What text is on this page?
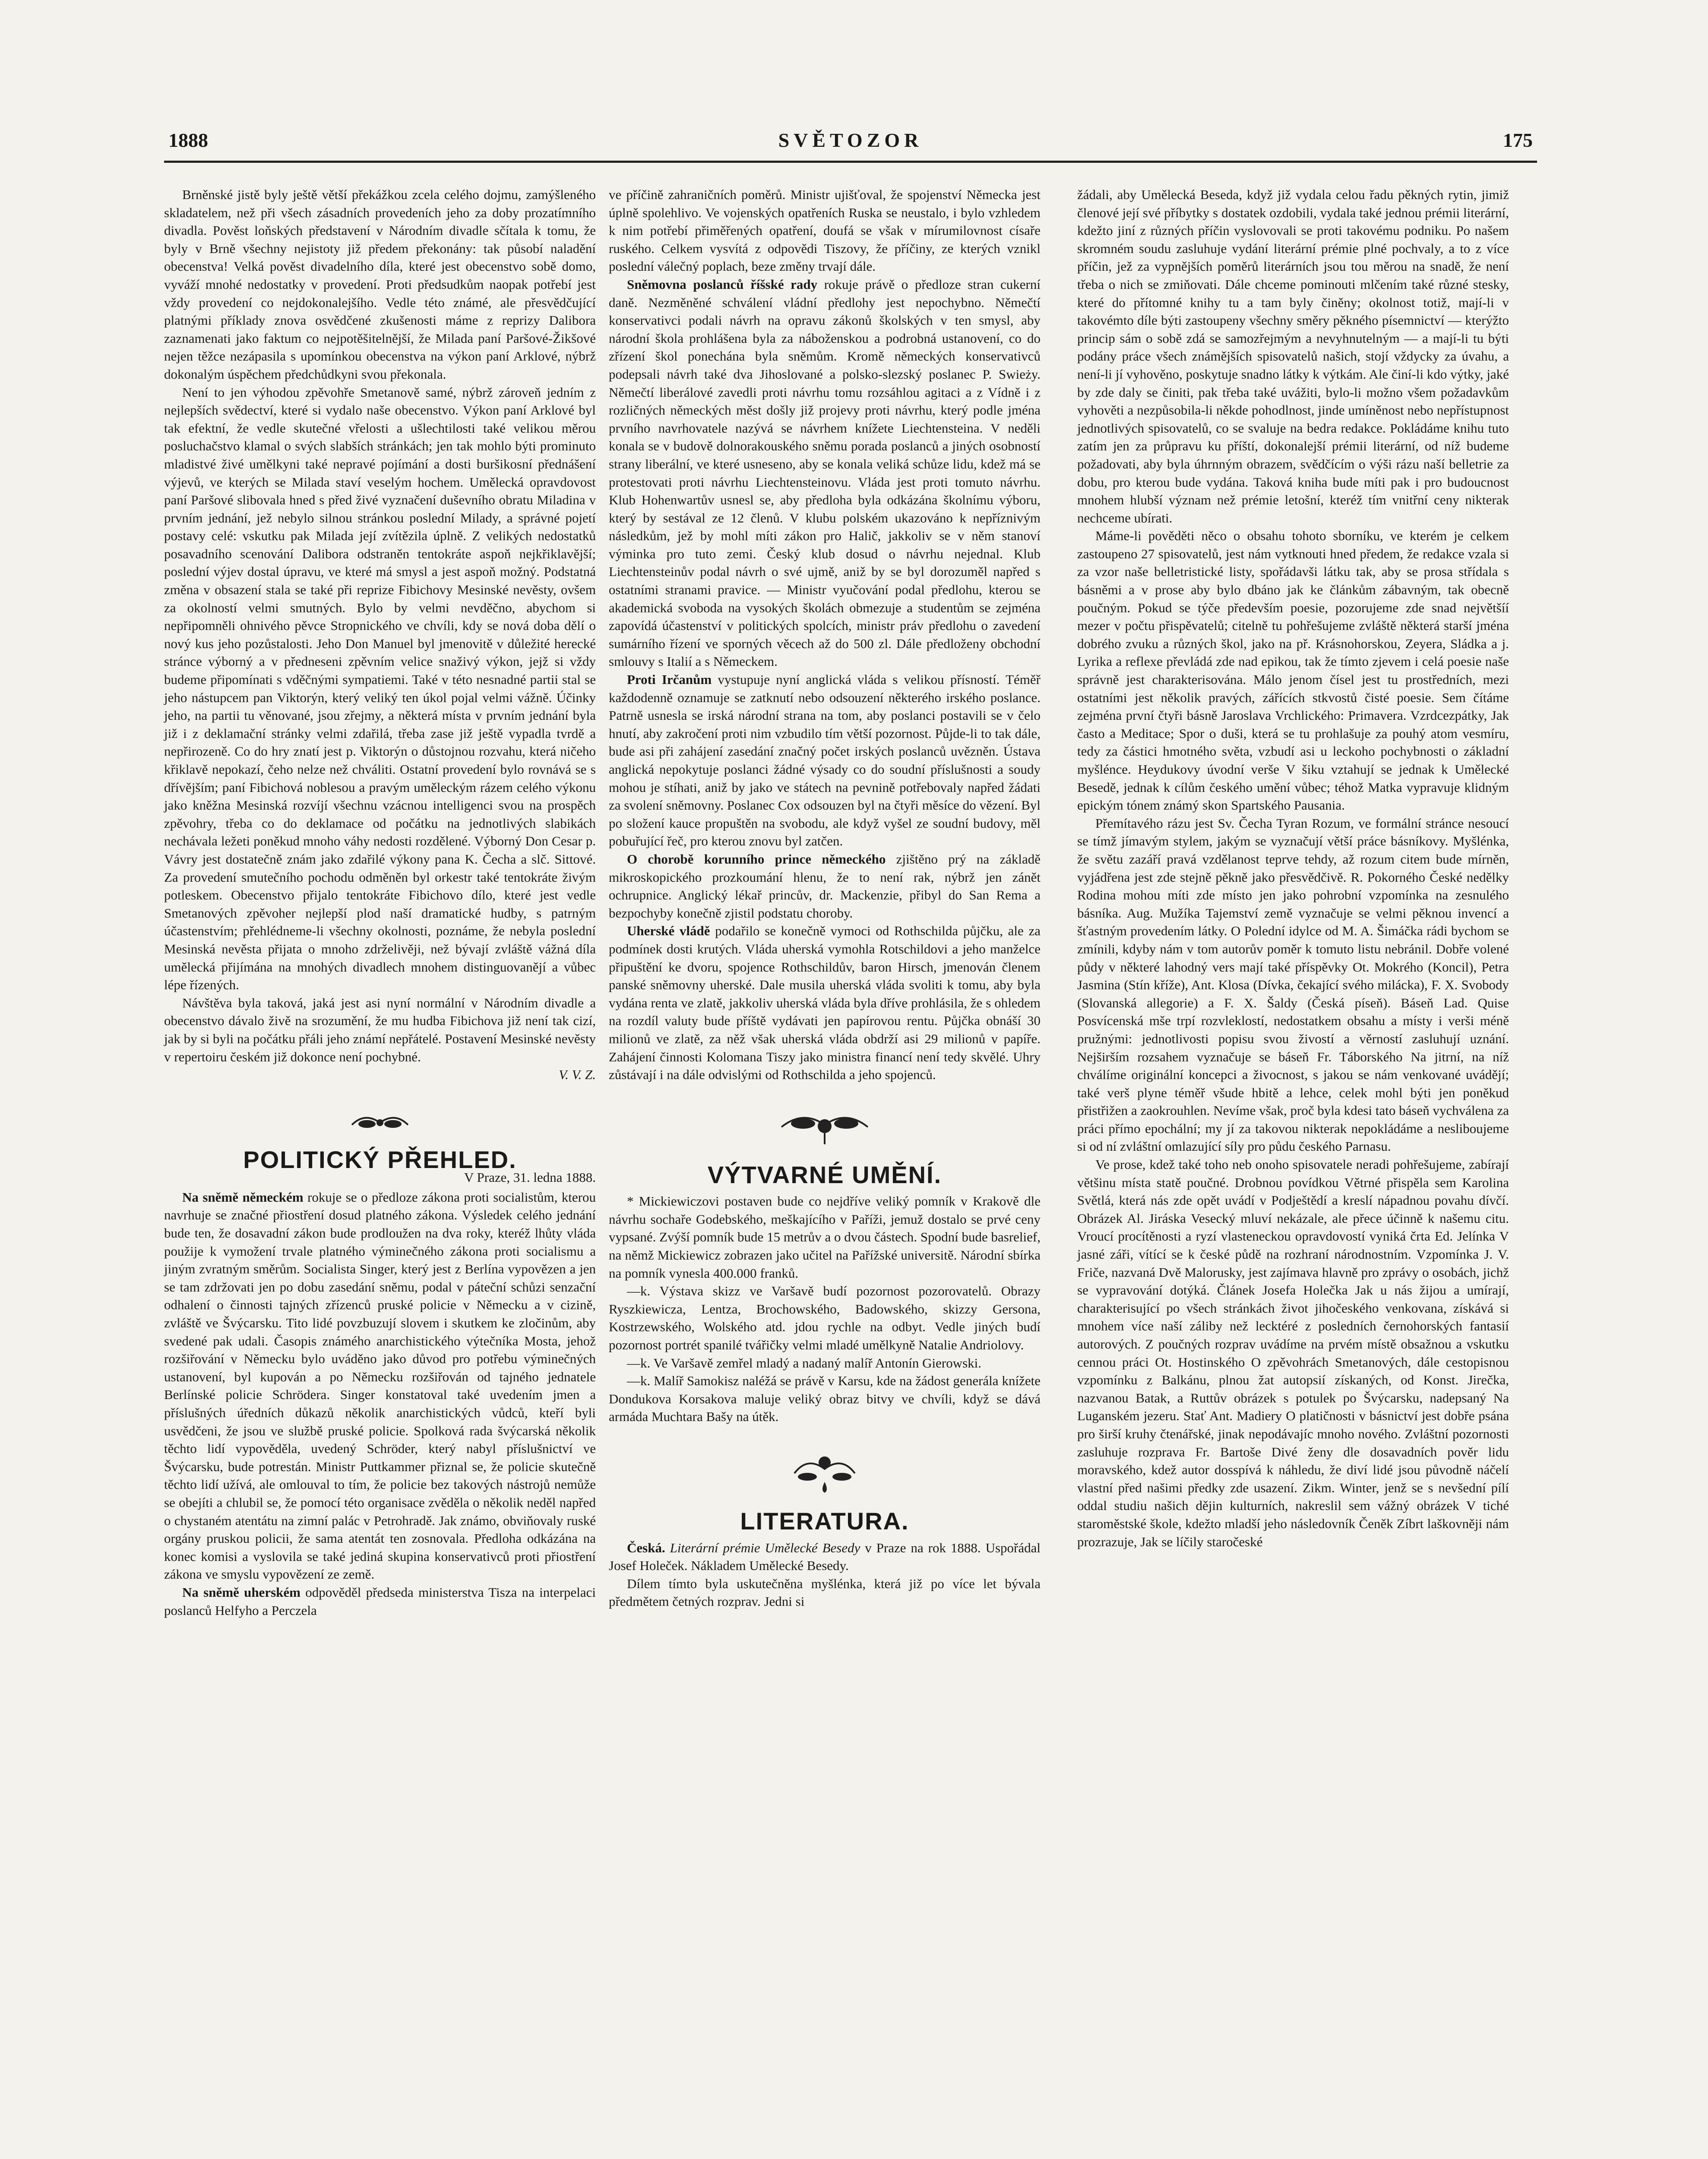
1888	SVĚTOZOR	175

Brněnské jistě byly ještě větší překážkou zcela celého dojmu, zamýšleného skladatelem, než při všech zásadních provedeních jeho za doby prozatímního divadla. Pověst loňských představení v Národním divadle sčítala k tomu, že byly v Brně všechny nejistoty již předem překonány: tak působí naladění obecenstva! Velká pověst divadelního díla, které jest obecenstvo sobě domo, vyváží mnohé nedostatky v provedení. Proti předsudkům naopak potřebí jest vždy provedení co nejdokonalejšího. Vedle této známé, ale přesvědčující platnými příklady znova osvědčené zkušenosti máme z reprizy Dalibora zaznamenati jako faktum co nejpotěšitelnější, že Milada paní Paršové-Žikšové nejen těžce nezápasila s upomínkou obecenstva na výkon paní Arklové, nýbrž dokonalým úspěchem předchůdkyni svou překonala.

Není to jen výhodou zpěvohře Smetanově samé, nýbrž zároveň jedním z nejlepších svědectví, které si vydalo naše obecenstvo. Výkon paní Arklové byl tak efektní, že vedle skutečné vřelosti a ušlechtilosti také velikou měrou posluchačstvo klamal o svých slabších stránkách; jen tak mohlo býti prominuto mladistvé živé umělkyni také nepravé pojímání a dosti buršikosní přednášení výjevů, ve kterých se Milada staví veselým hochem. Umělecká opravdovost paní Paršové slibovala hned s před živé vyznačení duševního obratu Miladina v prvním jednání, jež nebylo silnou stránkou poslední Milady, a správné pojetí postavy celé: vskutku pak Milada její zvítězila úplně. Z velikých nedostatků posavadního scenování Dalibora odstraněn tentokráte aspoň nejkřiklavější; poslední výjev dostal úpravu, ve které má smysl a jest aspoň možný. Podstatná změna v obsazení stala se také při reprize Fibichovy Mesinské nevěsty, ovšem za okolností velmi smutných. Bylo by velmi nevděčno, abychom si nepřipomněli ohnivého pěvce Stropnického ve chvíli, kdy se nová doba dělí o nový kus jeho pozůstalosti. Jeho Don Manuel byl jmenovitě v důležité herecké stránce výborný a v předneseni zpěvním velice snaživý výkon, jejž si vždy budeme připomínati s vděčnými sympatiemi. Také v této nesnadné partii stal se jeho nástupcem pan Viktorýn, který veliký ten úkol pojal velmi vážně. Účinky jeho, na partii tu věnované, jsou zřejmy, a některá místa v prvním jednání byla již i z deklamační stránky velmi zdařilá, třeba zase již ještě vypadla tvrdě a nepřirozeně. Co do hry znatí jest p. Viktorýn o důstojnou rozvahu, která ničeho křiklavě nepokazí, čeho nelze než chváliti. Ostatní provedení bylo rovnává se s dřívějším; paní Fibichová noblesou a pravým uměleckým rázem celého výkonu jako kněžna Mesinská rozvíjí všechnu vzácnou intelligenci svou na prospěch zpěvohry, třeba co do deklamace od počátku na jednotlivých slabikách nechávala ležeti poněkud mnoho váhy nedosti rozdělené. Výborný Don Cesar p. Vávry jest dostatečně znám jako zdařilé výkony pana K. Čecha a slč. Sittové. Za provedení smutečního pochodu odměněn byl orkestr také tentokráte živým potleskem. Obecenstvo přijalo tentokráte Fibichovo dílo, které jest vedle Smetanových zpěvoher nejlepší plod naší dramatické hudby, s patrným účastenstvím; přehlédneme-li všechny okolnosti, poznáme, že nebyla poslední Mesinská nevěsta přijata o mnoho zdrželivěji, než bývají zvláště vážná díla umělecká přijímána na mnohých divadlech mnohem distinguovanějí a vůbec lépe řízených.

Návštěva byla taková, jaká jest asi nyní normální v Národním divadle a obecenstvo dávalo živě na srozumění, že mu hudba Fibichova již není tak cizí, jak by si byli na počátku přáli jeho známí nepřátelé. Postavení Mesinské nevěsty v repertoiru českém již dokonce není pochybné.

V. V. Z.
POLITICKÝ PŘEHLED.
V Praze, 31. ledna 1888.

Na sněmě německém rokuje se o předloze zákona proti socialistům, kterou navrhuje se značné přiostření dosud platného zákona. Výsledek celého jednání bude ten, že dosavadní zákon bude prodloužen na dva roky, kteréž lhůty vláda použije k vymožení trvale platného výminečného zákona proti socialismu a jiným zvratným směrům. Socialista Singer, který jest z Berlína vypovězen a jen se tam zdržovati jen po dobu zasedání sněmu, podal v páteční schůzi senzační odhalení o činnosti tajných zřízenců pruské policie v Německu a v cizině, zvláště ve Švýcarsku. Tito lidé povzbuzují slovem i skutkem ke zločinům, aby svedené pak udali. Časopis známého anarchistického výtečníka Mosta, jehož rozšiřování v Německu bylo uváděno jako důvod pro potřebu výminečných ustanovení, byl kupován a po Německu rozšiřován od tajného jednatele Berlínské policie Schrödera. Singer konstatoval také uvedením jmen a příslušných úředních důkazů několik anarchistických vůdců, kteří byli usvědčeni, že jsou ve službě pruské policie. Spolková rada švýcarská několik těchto lidí vypověděla, uvedený Schröder, který nabyl příslušnictví ve Švýcarsku, bude potrestán. Ministr Puttkammer přiznal se, že policie skutečně těchto lidí užívá, ale omlouval to tím, že policie bez takových nástrojů nemůže se obejíti a chlubil se, že pomocí této organisace zvěděla o několik neděl napřed o chystaném atentátu na zimní palác v Petrohradě. Jak známo, obviňovaly ruské orgány pruskou policii, že sama atentát ten zosnovala. Předloha odkázána na konec komisi a vyslovila se také jediná skupina konservativců proti přiostření zákona ve smyslu vypovězení ze země.

Na sněmě uherském odpověděl předseda ministerstva Tisza na interpelaci poslanců Helfyho a Perczela

ve příčině zahraničních poměrů. Ministr ujišťoval, že spojenství Německa jest úplně spolehlivo. Ve vojenských opatřeních Ruska se neustalo, i bylo vzhledem k nim potřebí přiměřených opatření, doufá se však v mírumilovnost císaře ruského. Celkem vysvítá z odpovědi Tiszovy, že příčiny, ze kterých vznikl poslední válečný poplach, beze změny trvají dále.

Sněmovna poslanců říšské rady rokuje právě o předloze stran cukerní daně. Nezměněné schválení vládní předlohy jest nepochybno. Němečtí konservativci podali návrh na opravu zákonů školských v ten smysl, aby národní škola prohlášena byla za náboženskou a podrobná ustanovení, co do zřízení škol ponechána byla sněmům. Kromě německých konservativců podepsali návrh také dva Jihoslované a polsko-slezský poslanec P. Swieży. Němečtí liberálové zavedli proti návrhu tomu rozsáhlou agitaci a z Vídně i z rozličných německých měst došly již projevy proti návrhu, který podle jména prvního navrhovatele nazývá se návrhem knížete Liechtensteina. V neděli konala se v budově dolnorakouského sněmu porada poslanců a jiných osobností strany liberální, ve které usneseno, aby se konala veliká schůze lidu, kdež má se protestovati proti návrhu Liechtensteinovu. Vláda jest proti tomuto návrhu. Klub Hohenwartův usnesl se, aby předloha byla odkázána školnímu výboru, který by sestával ze 12 členů. V klubu polském ukazováno k nepříznivým následkům, jež by mohl míti zákon pro Halič, jakkoliv se v něm stanoví výminka pro tuto zemi. Český klub dosud o návrhu nejednal. Klub Liechtensteinův podal návrh o své ujmě, aniž by se byl dorozuměl napřed s ostatními stranami pravice. — Ministr vyučování podal předlohu, kterou se akademická svoboda na vysokých školách obmezuje a studentům se zejména zapovídá účastenství v politických spolcích, ministr práv předlohu o zavedení sumárního řízení ve sporných věcech až do 500 zl. Dále předloženy obchodní smlouvy s Italií a s Německem.

Proti Irčanům vystupuje nyní anglická vláda s velikou přísností. Téměř každodenně oznamuje se zatknutí nebo odsouzení některého irského poslance. Patrně usnesla se irská národní strana na tom, aby poslanci postavili se v čelo hnutí, aby zakročení proti nim vzbudilo tím větší pozornost. Půjde-li to tak dále, bude asi při zahájení zasedání značný počet irských poslanců uvězněn. Ústava anglická nepokytuje poslanci žádné výsady co do soudní příslušnosti a soudy mohou je stíhati, aniž by jako ve státech na pevnině potřebovaly napřed žádati za svolení sněmovny. Poslanec Cox odsouzen byl na čtyři měsíce do vězení. Byl po složení kauce propuštěn na svobodu, ale když vyšel ze soudní budovy, měl pobuřující řeč, pro kterou znovu byl zatčen.

O chorobě korunního prince německého zjištěno prý na základě mikroskopického prozkoumání hlenu, že to není rak, nýbrž jen zánět ochrupnice. Anglický lékař princův, dr. Mackenzie, přibyl do San Rema a bezpochyby konečně zjistil podstatu choroby.

Uherské vládě podařilo se konečně vymoci od Rothschilda půjčku, ale za podmínek dosti krutých. Vláda uherská vymohla Rotschildovi a jeho manželce připuštění ke dvoru, spojence Rothschildův, baron Hirsch, jmenován členem panské sněmovny uherské. Dale musila uherská vláda svoliti k tomu, aby byla vydána renta ve zlatě, jakkoliv uherská vláda byla dříve prohlásila, že s ohledem na rozdíl valuty bude příště vydávati jen papírovou rentu. Půjčka obnáší 30 milionů ve zlatě, za něž však uherská vláda obdrží asi 29 milionů v papíře. Zahájení činnosti Kolomana Tiszy jako ministra financí není tedy skvělé. Uhry zůstávají i na dále odvislými od Rothschilda a jeho spojenců.

VÝTVARNÉ UMĚNÍ.

* Mickiewiczovi postaven bude co nejdříve veliký pomník v Krakově dle návrhu sochaře Godebského, meškajícího v Paříži, jemuž dostalo se prvé ceny vypsané. Zvýší pomník bude 15 metrův a o dvou částech. Spodní bude basrelief, na němž Mickiewicz zobrazen jako učitel na Pařížské universitě. Národní sbírka na pomník vynesla 400.000 franků.

—k. Výstava skizz ve Varšavě budí pozornost pozorovatelů. Obrazy Ryszkiewicza, Lentza, Brochowského, Badowského, skizzy Gersona, Kostrzewského, Wolského atd. jdou rychle na odbyt. Vedle jiných budí pozornost portrét spanilé tvářičky velmi mladé umělkyně Natalie Andriolovy.

—k. Ve Varšavě zemřel mladý a nadaný malíř Antonín Gierowski.

—k. Malíř Samokisz naléžá se právě v Karsu, kde na žádost generála knížete Dondukova Korsakova maluje veliký obraz bitvy ve chvíli, když se dává armáda Muchtara Bašy na útěk.

LITERATURA.

Česká. Literární prémie Umělecké Besedy v Praze na rok 1888. Uspořádal Josef Holeček. Nákladem Umělecké Besedy.

Dílem tímto byla uskutečněna myšlénka, která již po více let bývala předmětem četných rozprav. Jedni si

žádali, aby Umělecká Beseda, když již vydala celou řadu pěkných rytin, jimiž členové její své příbytky s dostatek ozdobili, vydala také jednou prémii literární, kdežto jiní z různých příčin vyslovovali se proti takovému podniku. Po našem skromném soudu zasluhuje vydání literární prémie plné pochvaly, a to z více příčin, jež za vypnějších poměrů literárních jsou tou měrou na snadě, že není třeba o nich se zmiňovati. Dále chceme pominouti mlčením také různé stesky, které do přítomné knihy tu a tam byly činěny; okolnost totiž, mají-li v takovémto díle býti zastoupeny všechny směry pěkného písemnictví — kterýžto princip sám o sobě zdá se samozřejmým a nevyhnutelným — a mají-li tu býti podány práce všech známějších spisovatelů našich, stojí vždycky za úvahu, a není-li jí vyhověno, poskytuje snadno látky k výtkám. Ale činí-li kdo výtky, jaké by zde daly se činiti, pak třeba také uvážiti, bylo-li možno všem požadavkům vyhověti a nezpůsobila-li někde pohodlnost, jinde umíněnost nebo nepřístupnost jednotlivých spisovatelů, co se svaluje na bedra redakce. Pokládáme knihu tuto zatím jen za průpravu ku příští, dokonalejší prémii literární, od níž budeme požadovati, aby byla úhrnným obrazem, svědčícím o výši rázu naší belletrie za dobu, pro kterou bude vydána. Taková kniha bude míti pak i pro budoucnost mnohem hlubší význam než prémie letošní, kteréž tím vnitřní ceny nikterak nechceme ubírati.

Máme-li pověděti něco o obsahu tohoto sborníku, ve kterém je celkem zastoupeno 27 spisovatelů, jest nám vytknouti hned předem, že redakce vzala si za vzor naše belletristické listy, spořádavši látku tak, aby se prosa střídala s básněmi a v prose aby bylo dbáno jak ke článkům zábavným, tak obecně poučným. Pokud se týče především poesie, pozorujeme zde snad největšíí mezer v počtu přispěvatelů; citelně tu pohřešujeme zvláště některá starší jména dobrého zvuku a různých škol, jako na př. Krásnohorskou, Zeyera, Sládka a j. Lyrika a reflexe převládá zde nad epikou, tak že tímto zjevem i celá poesie naše správně jest charakterisována. Málo jenom čísel jest tu prostředních, mezi ostatními jest několik pravých, zářících stkvostů čisté poesie. Sem čítáme zejména první čtyři básně Jaroslava Vrchlického: Primavera. Vzrdcezpátky, Jak často a Meditace; Spor o duši, která se tu prohlašuje za pouhý atom vesmíru, tedy za částici hmotného světa, vzbudí asi u leckoho pochybnosti o základní myšlénce. Heydukovy úvodní verše V šiku vztahují se jednak k Umělecké Besedě, jednak k cílům českého umění vůbec; téhož Matka vypravuje klidným epickým tónem známý skon Spartského Pausania.

Přemítavého rázu jest Sv. Čecha Tyran Rozum, ve formální stránce nesoucí se tímž jímavým stylem, jakým se vyznačují větší práce básníkovy. Myšlénka, že světu zazáří pravá vzdělanost teprve tehdy, až rozum citem bude mírněn, vyjádřena jest zde stejně pěkně jako přesvědčivě. R. Pokorného České nedělky Rodina mohou míti zde místo jen jako pohrobní vzpomínka na zesnulého básníka. Aug. Mužíka Tajemství země vyznačuje se velmi pěknou invencí a šťastným provedením látky. O Polední idylce od M. A. Šimáčka rádi bychom se zmínili, kdyby nám v tom autorův poměr k tomuto listu nebránil. Dobře volené půdy v některé lahodný vers mají také příspěvky Ot. Mokrého (Koncil), Petra Jasmina (Stín kříže), Ant. Klosa (Dívka, čekající svého milácka), F. X. Svobody (Slovanská allegorie) a F. X. Šaldy (Česká píseň). Báseň Lad. Quise Posvícenská mše trpí rozvleklostí, nedostatkem obsahu a místy i verši méně pružnými: jednotlivosti popisu svou živostí a věrností zasluhují uznání. Nejširším rozsahem vyznačuje se báseň Fr. Táborského Na jitrní, na níž chválíme originální koncepci a živocnost, s jakou se nám venkované uvádějí; také verš plyne téměř všude hbitě a lehce, celek mohl býti jen poněkud přistřižen a zaokrouhlen. Nevíme však, proč byla kdesi tato báseň vychválena za práci přímo epochální; my jí za takovou nikterak nepokládáme a nesliboujeme si od ní zvláštní omlazující síly pro půdu českého Parnasu.

Ve prose, kdež také toho neb onoho spisovatele neradi pohřešujeme, zabírají většinu místa statě poučné. Drobnou povídkou Větrné přispěla sem Karolina Světlá, která nás zde opět uvádí v Podještědí a kreslí nápadnou povahu dívčí. Obrázek Al. Jiráska Vesecký mluví nekázale, ale přece účinně k našemu citu. Vroucí procítěnosti a ryzí vlasteneckou opravdovostí vyniká črta Ed. Jelínka V jasné záři, vítící se k české půdě na rozhraní národnostním. Vzpomínka J. V. Friče, nazvaná Dvě Malorusky, jest zajímava hlavně pro zprávy o osobách, jichž se vypravování dotýká. Článek Josefa Holečka Jak u nás žijou a umírají, charakterisující po všech stránkách život jihočeského venkovana, získává si mnohem více naší záliby než lecktéré z posledních černohorských fantasií autorových. Z poučných rozprav uvádíme na prvém místě obsažnou a vskutku cennou práci Ot. Hostinského O zpěvohrách Smetanových, dále cestopisnou vzpomínku z Balkánu, plnou žat autopsií získaných, od Konst. Jirečka, nazvanou Batak, a Ruttův obrázek s potulek po Švýcarsku, nadepsaný Na Luganském jezeru. Stať Ant. Madiery O platičnosti v básnictví jest dobře psána pro širší kruhy čtenářské, jinak nepodávajíc mnoho nového. Zvláštní pozornosti zasluhuje rozprava Fr. Bartoše Divé ženy dle dosavadních pověr lidu moravského, kdež autor dosspívá k náhledu, že diví lidé jsou původně náčelí vlastní před našimi předky zde usazení. Zikm. Winter, jenž se s nevšední pílí oddal studiu našich dějin kulturních, nakreslil sem vážný obrázek V tiché staroměstské škole, kdežto mladší jeho následovník Čeněk Zíbrt laškovněji nám prozrazuje, Jak se líčily staročeské
